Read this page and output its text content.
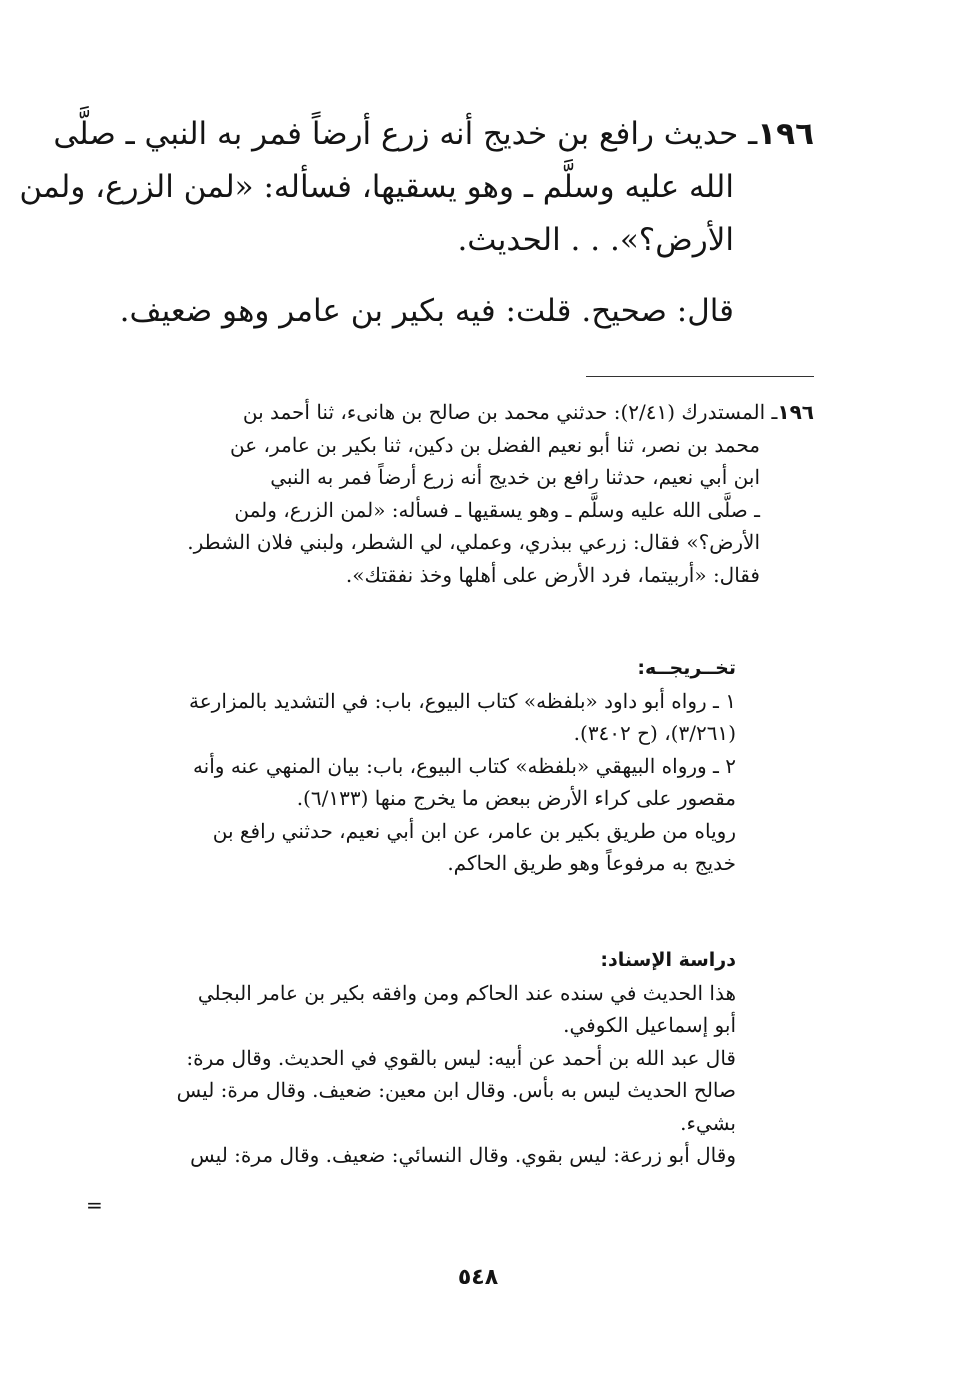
١٩٦ـ حديث رافع بن خديج أنه زرع أرضاً فمر به النبي ـ صلَّى
الله عليه وسلَّم ـ وهو يسقيها، فسأله: «لمن الزرع، ولمن
الأرض؟». . . الحديث.
قال: صحيح. قلت: فيه بكير بن عامر وهو ضعيف.
١٩٦ـ المستدرك (٢/٤١): حدثني محمد بن صالح بن هانىء، ثنا أحمد بن
محمد بن نصر، ثنا أبو نعيم الفضل بن دكين، ثنا بكير بن عامر، عن
ابن أبي نعيم، حدثنا رافع بن خديج أنه زرع أرضاً فمر به النبي
ـ صلَّى الله عليه وسلَّم ـ وهو يسقيها ـ فسأله: «لمن الزرع، ولمن
الأرض؟» فقال: زرعي ببذري، وعملي، لي الشطر، ولبني فلان الشطر.
فقال: «أربيتما، فرد الأرض على أهلها وخذ نفقتك».
تخــريجــه:
١ ـ رواه أبو داود «بلفظه» كتاب البيوع، باب: في التشديد بالمزارعة
(٣/٢٦١)، (ح ٣٤٠٢).
٢ ـ ورواه البيهقي «بلفظه» كتاب البيوع، باب: بيان المنهي عنه وأنه
مقصور على كراء الأرض ببعض ما يخرج منها (٦/١٣٣).
روياه من طريق بكير بن عامر، عن ابن أبي نعيم، حدثني رافع بن
خديج به مرفوعاً وهو طريق الحاكم.
دراسة الإسناد:
هذا الحديث في سنده عند الحاكم ومن وافقه بكير بن عامر البجلي
أبو إسماعيل الكوفي.
قال عبد الله بن أحمد عن أبيه: ليس بالقوي في الحديث. وقال مرة:
صالح الحديث ليس به بأس. وقال ابن معين: ضعيف. وقال مرة: ليس
بشيء.
وقال أبو زرعة: ليس بقوي. وقال النسائي: ضعيف. وقال مرة: ليس
=
٥٤٨
